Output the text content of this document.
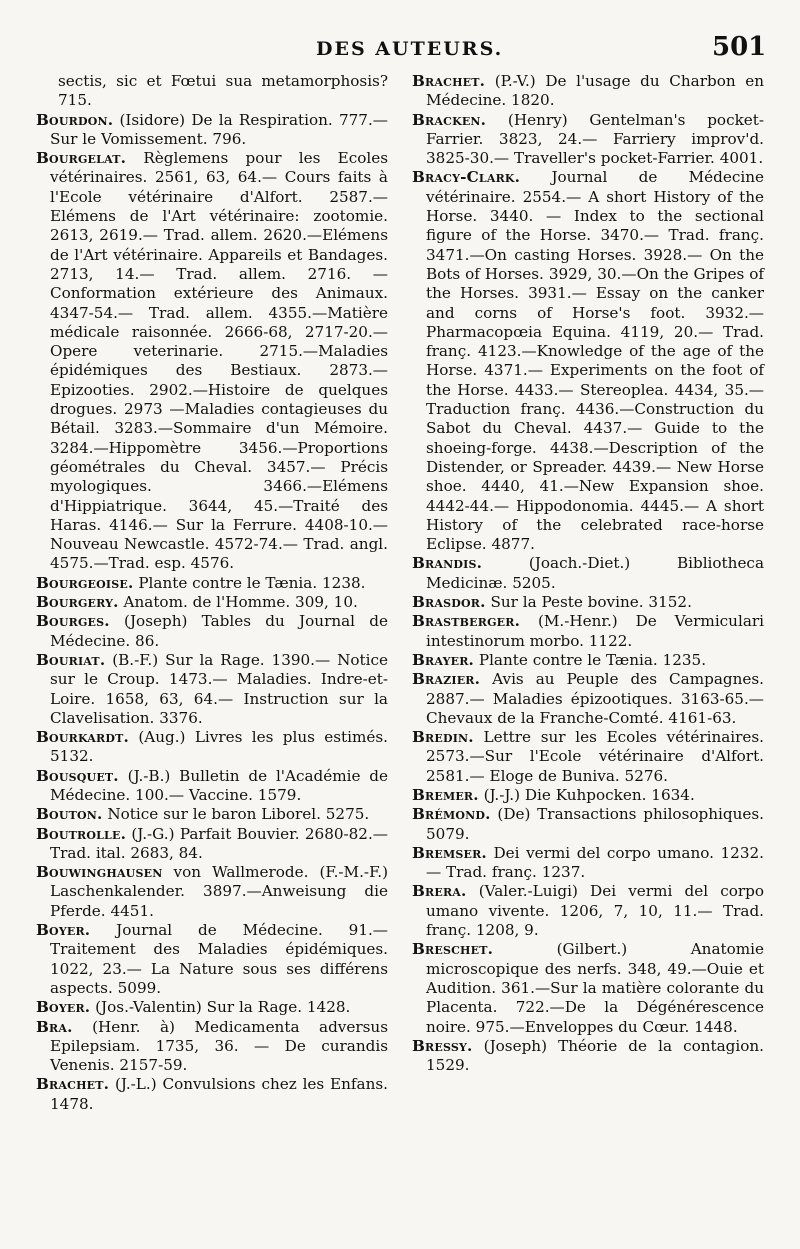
DES AUTEURS.	501

sectis, sic et Fœtui sua metamorphosis? 715.

Bourdon. (Isidore) De la Respiration. 777.— Sur le Vomissement. 796.

Bourgelat. Règlemens pour les Ecoles vétérinaires. 2561, 63, 64.— Cours faits à l'Ecole vétérinaire d'Alfort. 2587.—Elémens de l'Art vétérinaire: zootomie. 2613, 2619.— Trad. allem. 2620.—Elémens de l'Art vétérinaire. Appareils et Bandages. 2713, 14.— Trad. allem. 2716. — Conformation extérieure des Animaux. 4347-54.— Trad. allem. 4355.—Matière médicale raisonnée. 2666-68, 2717-20.— Opere veterinarie. 2715.—Maladies épidémiques des Bestiaux. 2873.—Epizooties. 2902.—Histoire de quelques drogues. 2973 —Maladies contagieuses du Bétail. 3283.—Sommaire d'un Mémoire. 3284.—Hippomètre 3456.—Proportions géométrales du Cheval. 3457.— Précis myologiques. 3466.—Elémens d'Hippiatrique. 3644, 45.—Traité des Haras. 4146.— Sur la Ferrure. 4408-10.— Nouveau Newcastle. 4572-74.— Trad. angl. 4575.—Trad. esp. 4576.

Bourgeoise. Plante contre le Tænia. 1238.

Bourgery. Anatom. de l'Homme. 309, 10.

Bourges. (Joseph) Tables du Journal de Médecine. 86.

Bouriat. (B.-F.) Sur la Rage. 1390.— Notice sur le Croup. 1473.— Maladies. Indre-et-Loire. 1658, 63, 64.— Instruction sur la Clavelisation. 3376.

Bourkardt. (Aug.) Livres les plus estimés. 5132.

Bousquet. (J.-B.) Bulletin de l'Académie de Médecine. 100.— Vaccine. 1579.

Bouton. Notice sur le baron Liborel. 5275.

Boutrolle. (J.-G.) Parfait Bouvier. 2680-82.—Trad. ital. 2683, 84.

Bouwinghausen von Wallmerode. (F.-M.-F.) Laschenkalender. 3897.—Anweisung die Pferde. 4451.

Boyer. Journal de Médecine. 91.— Traitement des Maladies épidémiques. 1022, 23.— La Nature sous ses différens aspects. 5099.

Boyer. (Jos.-Valentin) Sur la Rage. 1428.

Bra. (Henr. à) Medicamenta adversus Epilepsiam. 1735, 36. — De curandis Venenis. 2157-59.

Brachet. (J.-L.) Convulsions chez les Enfans. 1478.

Brachet. (P.-V.) De l'usage du Charbon en Médecine. 1820.

Bracken. (Henry) Gentelman's pocket-Farrier. 3823, 24.— Farriery improv'd. 3825-30.— Traveller's pocket-Farrier. 4001.

Bracy-Clark. Journal de Médecine vétérinaire. 2554.— A short History of the Horse. 3440. — Index to the sectional figure of the Horse. 3470.— Trad. franç. 3471.—On casting Horses. 3928.— On the Bots of Horses. 3929, 30.—On the Gripes of the Horses. 3931.— Essay on the canker and corns of Horse's foot. 3932.— Pharmacopœia Equina. 4119, 20.— Trad. franç. 4123.—Knowledge of the age of the Horse. 4371.— Experiments on the foot of the Horse. 4433.— Stereoplea. 4434, 35.— Traduction franç. 4436.—Construction du Sabot du Cheval. 4437.— Guide to the shoeing-forge. 4438.—Description of the Distender, or Spreader. 4439.— New Horse shoe. 4440, 41.—New Expansion shoe. 4442-44.— Hippodonomia. 4445.— A short History of the celebrated race-horse Eclipse. 4877.

Brandis.	(Joach.-Diet.) Bibliotheca Medicinæ. 5205.

Brasdor. Sur la Peste bovine. 3152.

Brastberger. (M.-Henr.) De Vermiculari intestinorum morbo. 1122.

Brayer. Plante contre le Tænia. 1235.

Brazier. Avis au Peuple des Campagnes. 2887.— Maladies épizootiques. 3163-65.— Chevaux de la Franche-Comté. 4161-63.

Bredin. Lettre sur les Ecoles vétérinaires. 2573.—Sur l'Ecole vétérinaire d'Alfort. 2581.— Eloge de Buniva. 5276.

Bremer. (J.-J.) Die Kuhpocken. 1634.

Brémond. (De) Transactions philosophiques. 5079.

Bremser. Dei vermi del corpo umano. 1232.— Trad. franç. 1237.

Brera. (Valer.-Luigi) Dei vermi del corpo umano vivente. 1206, 7, 10, 11.— Trad. franç. 1208, 9.

Breschet.	(Gilbert.) Anatomie microscopique des nerfs. 348, 49.—Ouie et Audition. 361.—Sur la matière colorante du Placenta. 722.—De la Dégénérescence noire. 975.—Enveloppes du Cœur. 1448.

Bressy. (Joseph) Théorie de la contagion. 1529.
